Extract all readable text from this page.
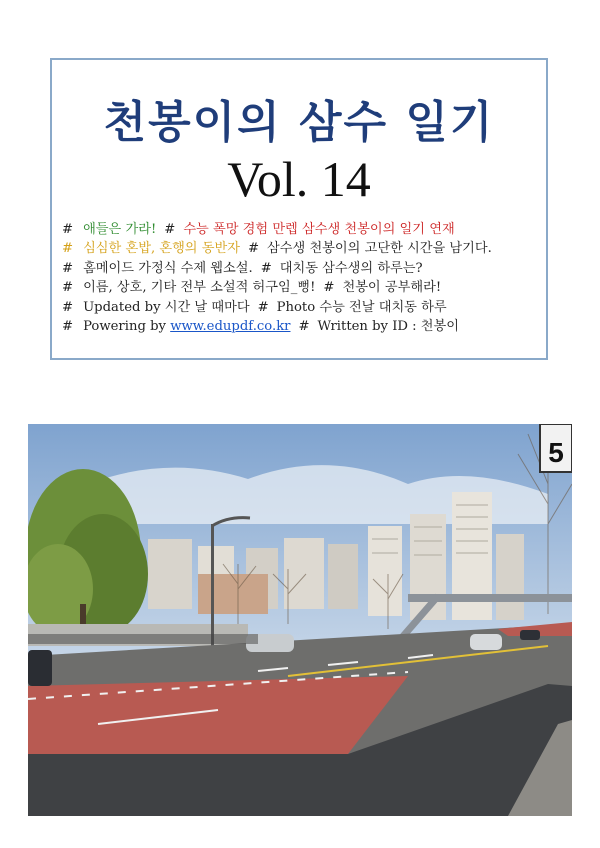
천봉이의 삼수 일기
Vol. 14
# 애들은 가라! # 수능 폭망 경험 만렙 삼수생 천봉이의 일기 연재
# 심심한 혼밥, 혼행의 동반자 # 삼수생 천봉이의 고단한 시간을 남기다.
# 홈메이드 가정식 수제 웹소설. # 대치동 삼수생의 하루는?
# 이름, 상호, 기타 전부 소설적 허구임_뻥! # 천봉이 공부해라!
# Updated by 시간 날 때마다 # Photo 수능 전날 대치동 하루
# Powering by www.edupdf.co.kr # Written by ID : 천봉이
5
